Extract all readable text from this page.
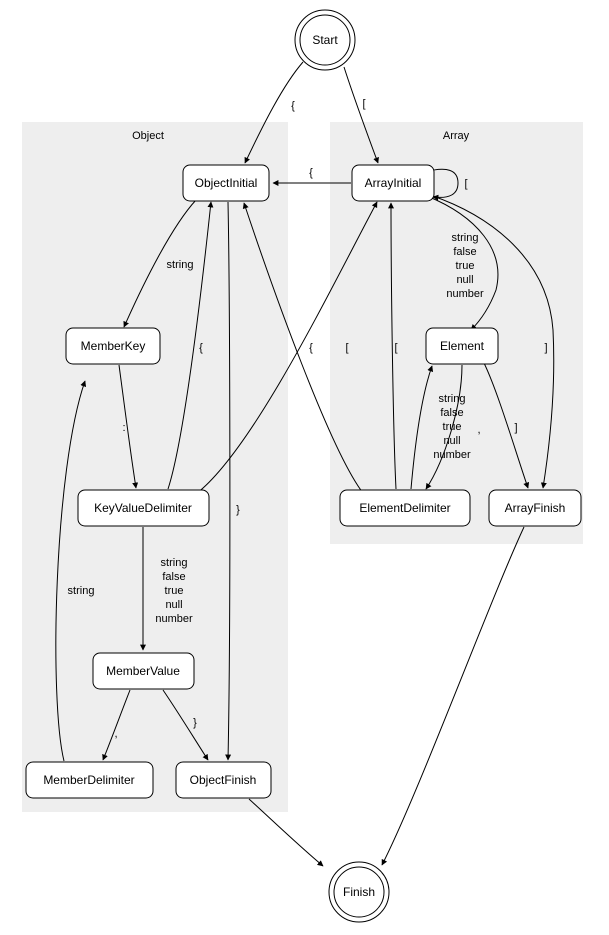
Object	Array
{	[
{
[
string
}
:
{	[
string
false
true
null
number
,
}
string
string
false
true
null
number
]
,	]
string
false
true
null
number
[
{
Start
ObjectInitial	ArrayInitial
MemberKey	Element
KeyValueDelimiter	ElementDelimiter	ArrayFinish
MemberValue
MemberDelimiter	ObjectFinish
Finish
